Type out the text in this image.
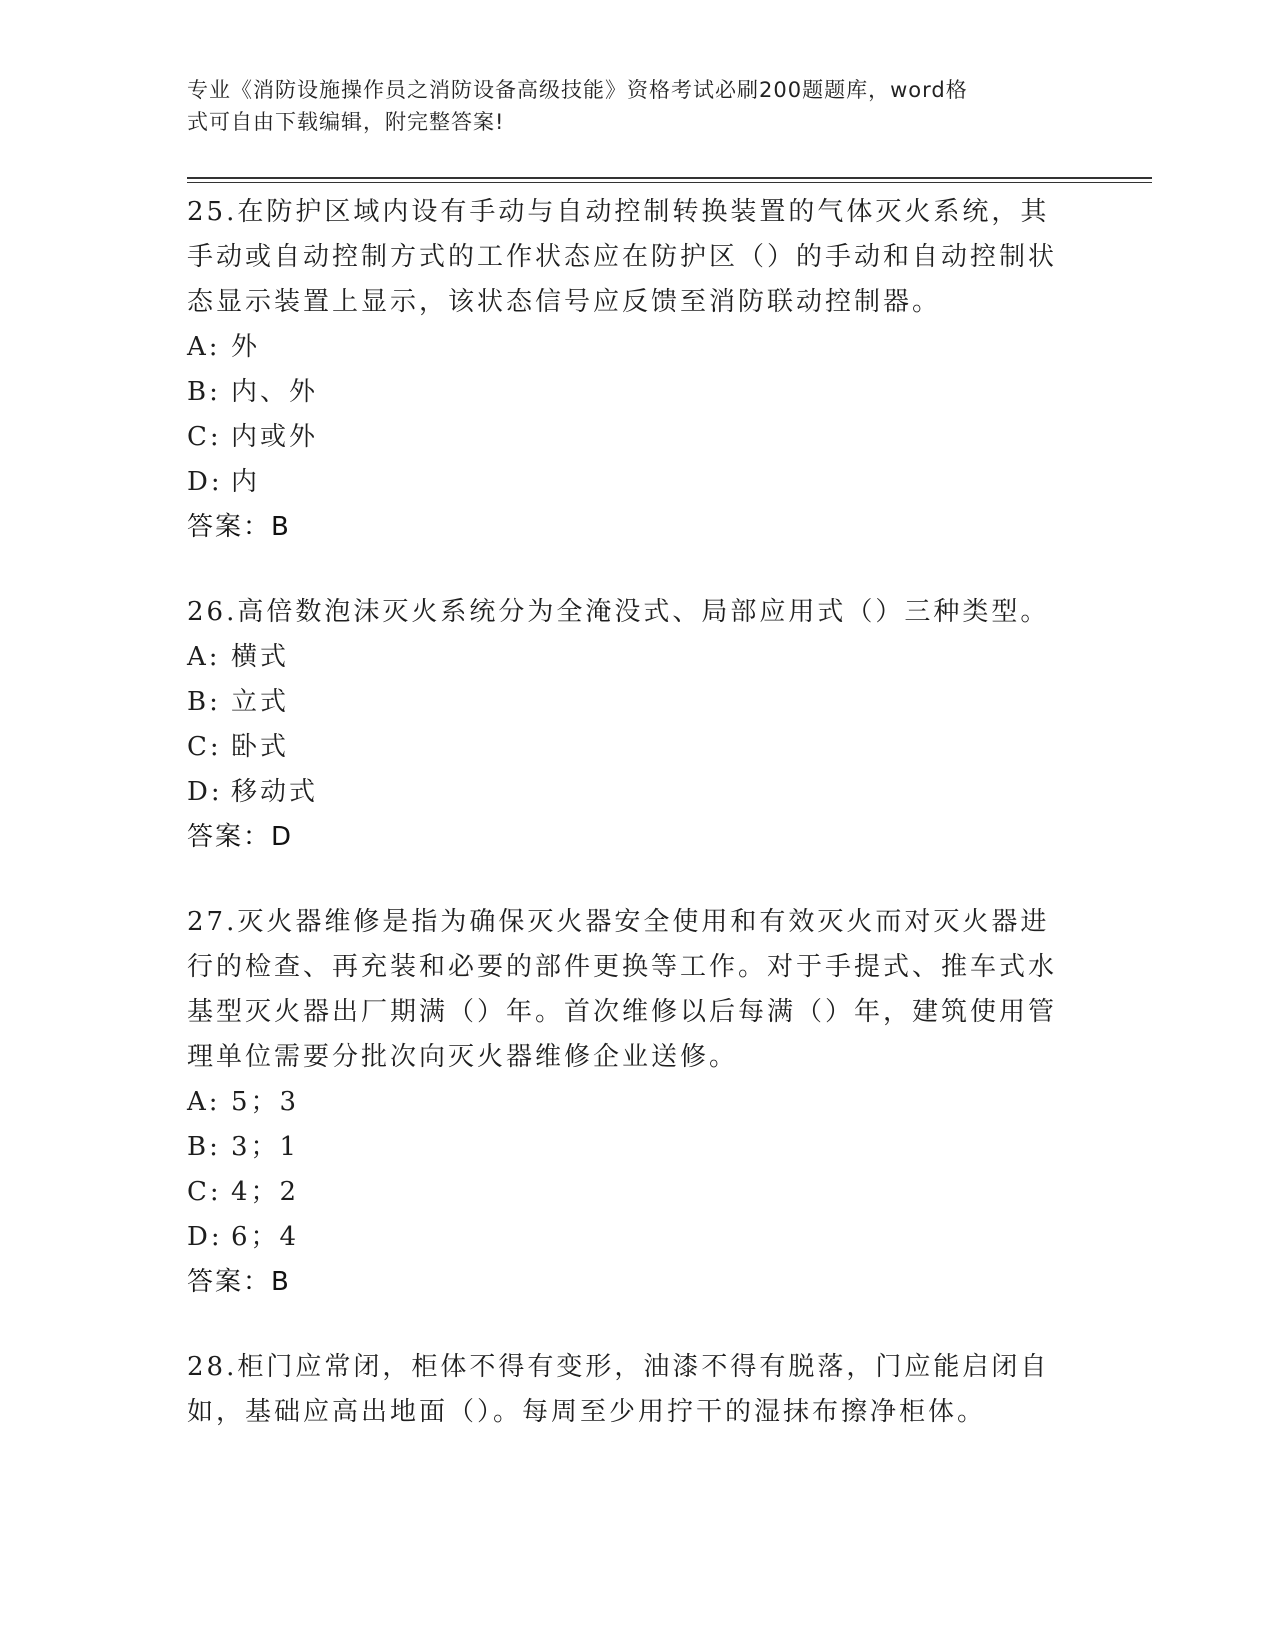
专业《消防设施操作员之消防设备高级技能》资格考试必刷200题题库，word格
式可自由下载编辑，附完整答案!

25.在防护区域内设有手动与自动控制转换装置的气体灭火系统，其手动或自动控制方式的工作状态应在防护区（）的手动和自动控制状态显示装置上显示，该状态信号应反馈至消防联动控制器。

A: 外

B: 内、外

C: 内或外

D: 内

答案：B

26.高倍数泡沫灭火系统分为全淹没式、局部应用式（）三种类型。

A: 横式

B: 立式

C: 卧式

D: 移动式

答案：D

27.灭火器维修是指为确保灭火器安全使用和有效灭火而对灭火器进行的检查、再充装和必要的部件更换等工作。对于手提式、推车式水基型灭火器出厂期满（）年。首次维修以后每满（）年，建筑使用管理单位需要分批次向灭火器维修企业送修。

A: 5；3

B: 3；1

C: 4；2

D: 6；4

答案：B

28.柜门应常闭，柜体不得有变形，油漆不得有脱落，门应能启闭自如，基础应高出地面（）。每周至少用拧干的湿抹布擦净柜体。
